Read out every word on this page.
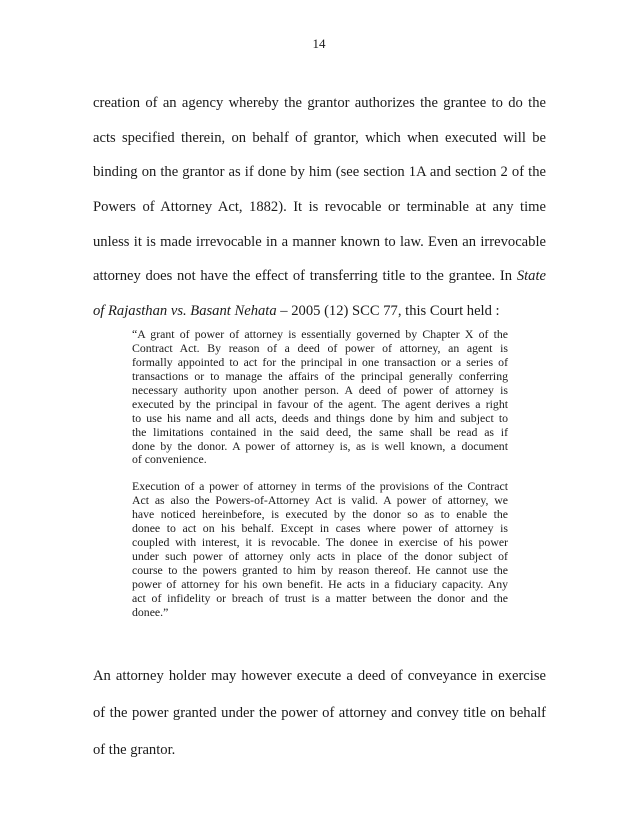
14
creation of an agency whereby the grantor authorizes the grantee to do the
acts specified therein, on behalf of grantor, which when executed will be
binding on the grantor as if done by him (see section 1A and section 2 of the
Powers of Attorney Act, 1882). It is revocable or terminable at any time
unless it is made irrevocable in a manner known to law. Even an irrevocable
attorney does not have the effect of transferring title to the grantee. In State
of Rajasthan vs. Basant Nehata – 2005 (12) SCC 77, this Court held :
“A grant of power of attorney is essentially governed by Chapter X of the
Contract Act. By reason of a deed of power of attorney, an agent is
formally appointed to act for the principal in one transaction or a series of
transactions or to manage the affairs of the principal generally conferring
necessary authority upon another person. A deed of power of attorney is
executed by the principal in favour of the agent. The agent derives a right
to use his name and all acts, deeds and things done by him and subject to
the limitations contained in the said deed, the same shall be read as if
done by the donor. A power of attorney is, as is well known, a document
of convenience.
Execution of a power of attorney in terms of the provisions of the Contract
Act as also the Powers-of-Attorney Act is valid. A power of attorney, we
have noticed hereinbefore, is executed by the donor so as to enable the
donee to act on his behalf. Except in cases where power of attorney is
coupled with interest, it is revocable. The donee in exercise of his power
under such power of attorney only acts in place of the donor subject of
course to the powers granted to him by reason thereof. He cannot use the
power of attorney for his own benefit. He acts in a fiduciary capacity. Any
act of infidelity or breach of trust is a matter between the donor and the
donee.”
An attorney holder may however execute a deed of conveyance in exercise
of the power granted under the power of attorney and convey title on behalf
of the grantor.
